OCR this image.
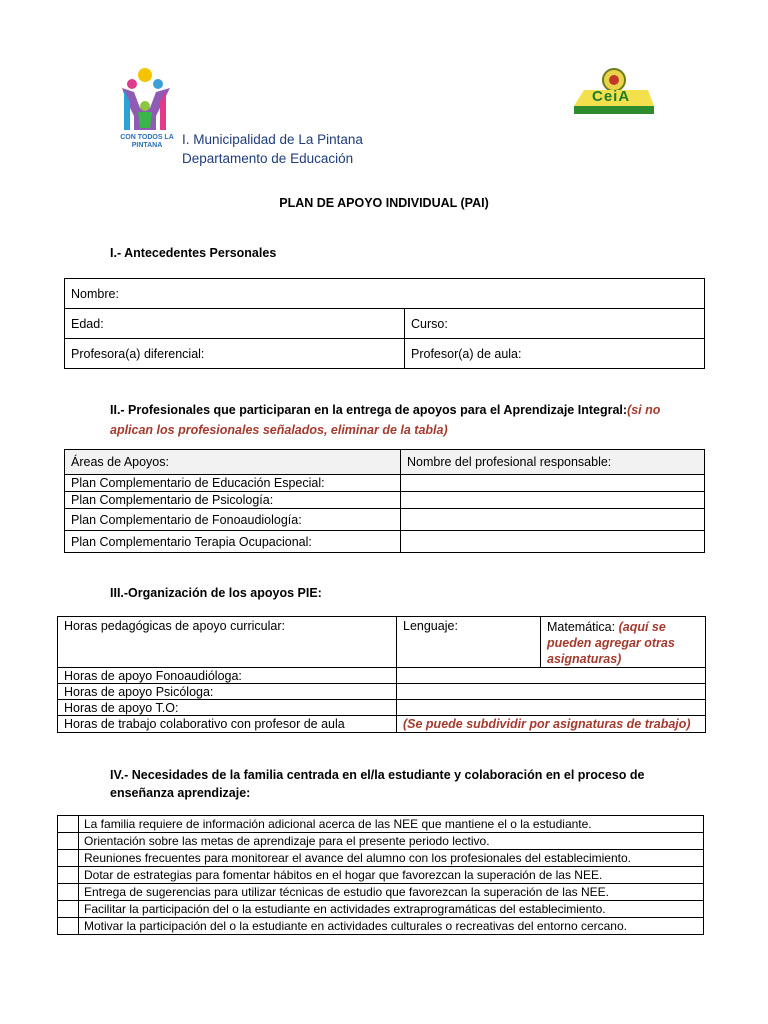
CON TODOS LA PINTANA
CeiA
I. Municipalidad de La Pintana
Departamento de Educación
PLAN DE APOYO INDIVIDUAL (PAI)
I.- Antecedentes Personales
Nombre:	
Edad:	Curso:
Profesora(a) diferencial:	Profesor(a) de aula:
II.- Profesionales que participaran en la entrega de apoyos para el Aprendizaje Integral:(si no
aplican los profesionales señalados, eliminar de la tabla)
Áreas de Apoyos:	Nombre del profesional responsable:
Plan Complementario de Educación Especial:	
Plan Complementario de Psicología:	
Plan Complementario de Fonoaudiología:	
Plan Complementario Terapia Ocupacional:	
III.-Organización de los apoyos PIE:
Horas pedagógicas de apoyo curricular:	Lenguaje:	Matemática: (aquí se pueden agregar otras asignaturas)
Horas de apoyo Fonoaudióloga:		
Horas de apoyo Psicóloga:		
Horas de apoyo T.O:		
Horas de trabajo colaborativo con profesor de aula	(Se puede subdividir por asignaturas de trabajo)	
IV.- Necesidades de la familia centrada en el/la estudiante y colaboración en el proceso de
enseñanza aprendizaje:
	La familia requiere de información adicional acerca de las NEE que mantiene el o la estudiante.
	Orientación sobre las metas de aprendizaje para el presente periodo lectivo.
	Reuniones frecuentes para monitorear el avance del alumno con los profesionales del establecimiento.
	Dotar de estrategias para fomentar hábitos en el hogar que favorezcan la superación de las NEE.
	Entrega de sugerencias para utilizar técnicas de estudio que favorezcan la superación de las NEE.
	Facilitar la participación del o la estudiante en actividades extraprogramáticas del establecimiento.
	Motivar la participación del o la estudiante en actividades culturales o recreativas del entorno cercano.
